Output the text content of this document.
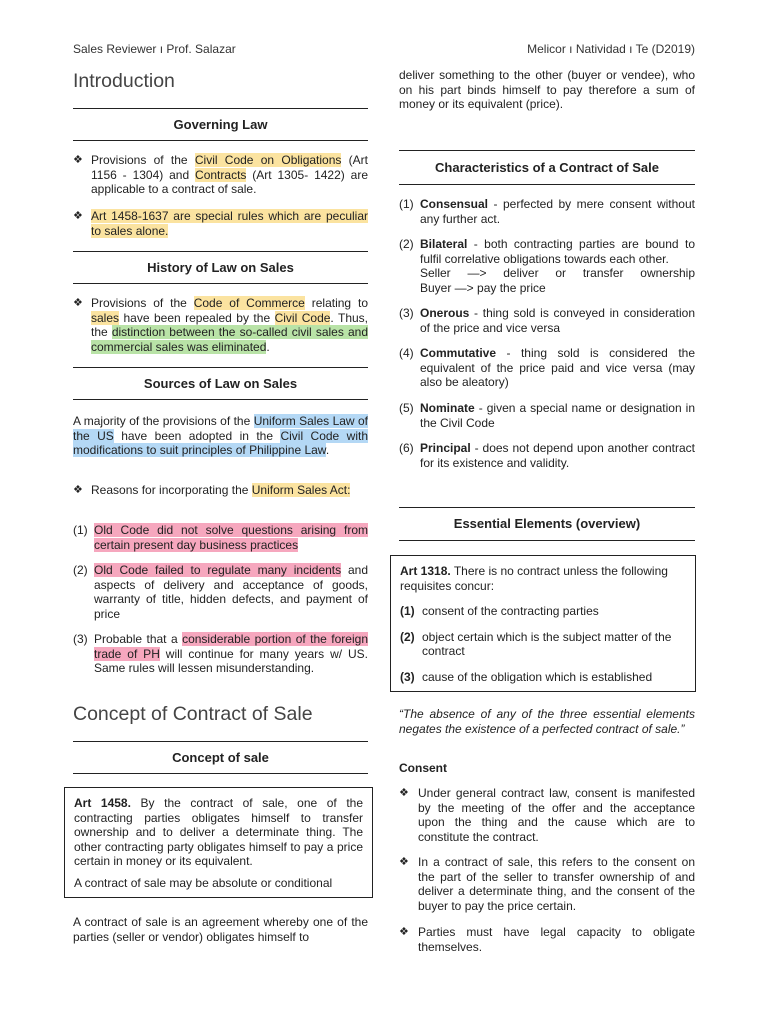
Sales Reviewer ı Prof. Salazar	Melicor ı Natividad ı Te (D2019)
Introduction
Governing Law
❖ Provisions of the Civil Code on Obligations (Art 1156 - 1304) and Contracts (Art 1305- 1422) are applicable to a contract of sale.
❖ Art 1458-1637 are special rules which are peculiar to sales alone.
History of Law on Sales
❖ Provisions of the Code of Commerce relating to sales have been repealed by the Civil Code. Thus, the distinction between the so-called civil sales and commercial sales was eliminated.
Sources of Law on Sales
A majority of the provisions of the Uniform Sales Law of the US have been adopted in the Civil Code with modifications to suit principles of Philippine Law.
❖ Reasons for incorporating the Uniform Sales Act:
(1) Old Code did not solve questions arising from certain present day business practices
(2) Old Code failed to regulate many incidents and aspects of delivery and acceptance of goods, warranty of title, hidden defects, and payment of price
(3) Probable that a considerable portion of the foreign trade of PH will continue for many years w/ US. Same rules will lessen misunderstanding.
Concept of Contract of Sale
Concept of sale
Art 1458. By the contract of sale, one of the contracting parties obligates himself to transfer ownership and to deliver a determinate thing. The other contracting party obligates himself to pay a price certain in money or its equivalent.
A contract of sale may be absolute or conditional
A contract of sale is an agreement whereby one of the parties (seller or vendor) obligates himself to
deliver something to the other (buyer or vendee), who on his part binds himself to pay therefore a sum of money or its equivalent (price).
Characteristics of a Contract of Sale
(1) Consensual - perfected by mere consent without any further act.
(2) Bilateral - both contracting parties are bound to fulfil correlative obligations towards each other.
Seller —> deliver or transfer ownership
Buyer —> pay the price
(3) Onerous - thing sold is conveyed in consideration of the price and vice versa
(4) Commutative - thing sold is considered the equivalent of the price paid and vice versa (may also be aleatory)
(5) Nominate - given a special name or designation in the Civil Code
(6) Principal - does not depend upon another contract for its existence and validity.
Essential Elements (overview)
Art 1318. There is no contract unless the following requisites concur:
(1) consent of the contracting parties
(2) object certain which is the subject matter of the contract
(3) cause of the obligation which is established
“The absence of any of the three essential elements negates the existence of a perfected contract of sale.”
Consent
❖ Under general contract law, consent is manifested by the meeting of the offer and the acceptance upon the thing and the cause which are to constitute the contract.
❖ In a contract of sale, this refers to the consent on the part of the seller to transfer ownership of and deliver a determinate thing, and the consent of the buyer to pay the price certain.
❖ Parties must have legal capacity to obligate themselves.
